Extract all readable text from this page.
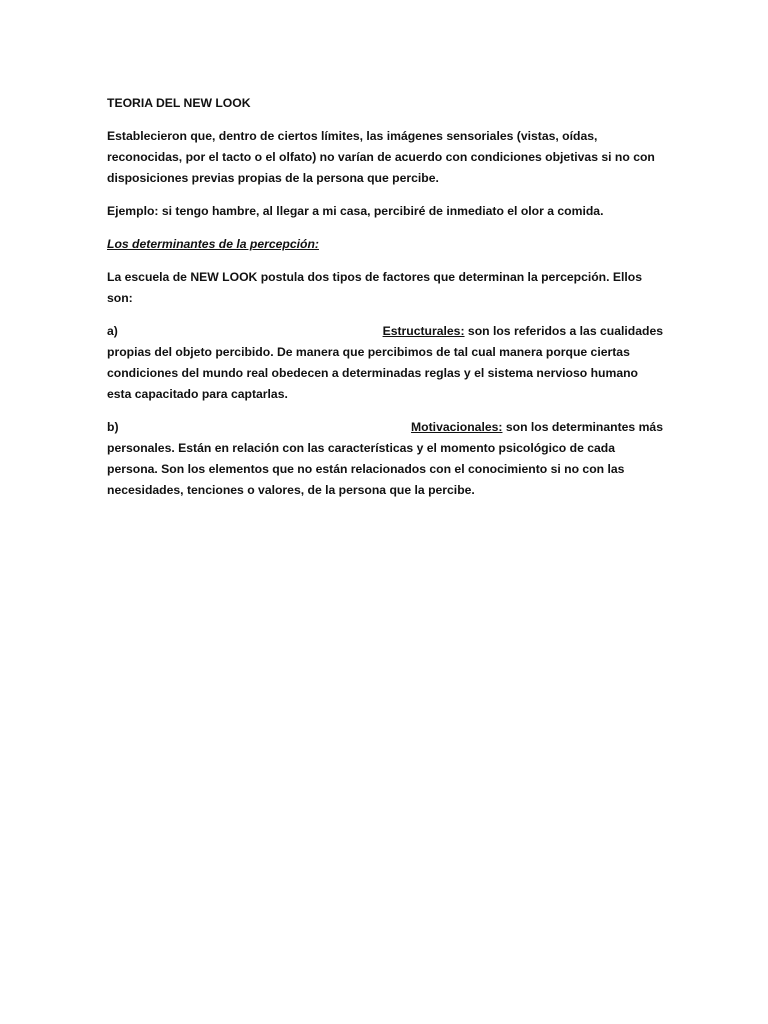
TEORIA DEL NEW LOOK

Establecieron que, dentro de ciertos límites, las imágenes sensoriales (vistas, oídas, reconocidas, por el tacto o el olfato) no varían de acuerdo con condiciones objetivas si no con disposiciones previas propias de la persona que percibe.

Ejemplo: si tengo hambre, al llegar a mi casa, percibiré de inmediato el olor a comida.

Los determinantes de la percepción:

La escuela de NEW LOOK postula dos tipos de factores que determinan la percepción. Ellos son:

a)	Estructurales: son los referidos a las cualidades
propias del objeto percibido. De manera que percibimos de tal cual manera porque ciertas condiciones del mundo real obedecen a determinadas reglas y el sistema nervioso humano esta capacitado para captarlas.
b)	Motivacionales: son los determinantes más
personales. Están en relación con las características y el momento psicológico de cada persona. Son los elementos que no están relacionados con el conocimiento si no con las necesidades, tenciones o valores, de la persona que la percibe.
